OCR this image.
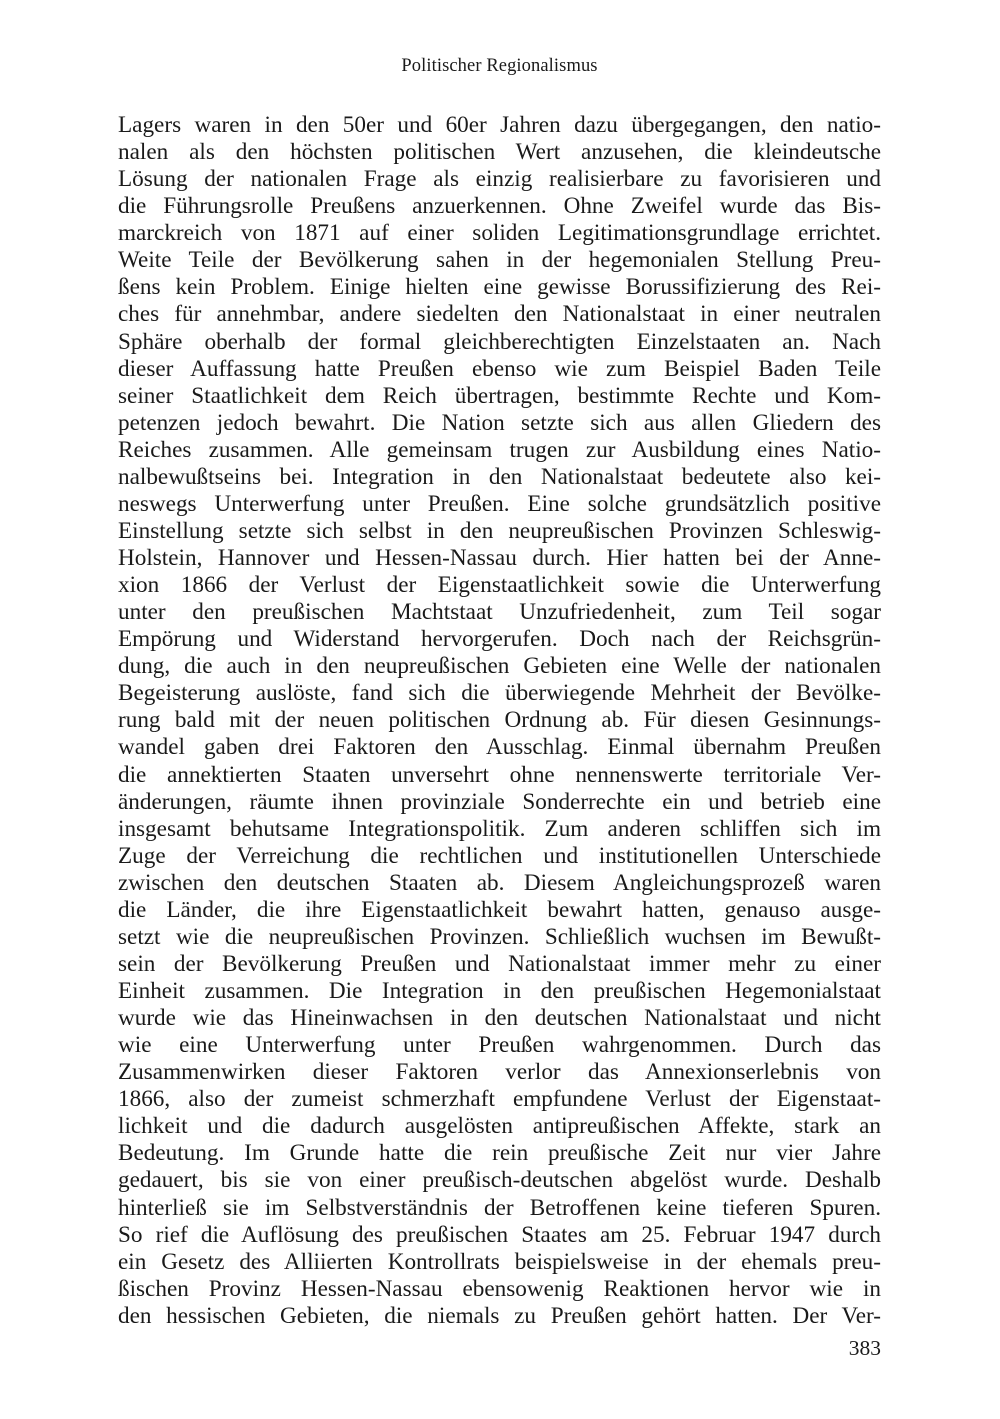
Politischer Regionalismus
Lagers waren in den 50er und 60er Jahren dazu übergegangen, den natio-
nalen als den höchsten politischen Wert anzusehen, die kleindeutsche
Lösung der nationalen Frage als einzig realisierbare zu favorisieren und
die Führungsrolle Preußens anzuerkennen. Ohne Zweifel wurde das Bis-
marckreich von 1871 auf einer soliden Legitimationsgrundlage errichtet.
Weite Teile der Bevölkerung sahen in der hegemonialen Stellung Preu-
ßens kein Problem. Einige hielten eine gewisse Borussifizierung des Rei-
ches für annehmbar, andere siedelten den Nationalstaat in einer neutralen
Sphäre oberhalb der formal gleichberechtigten Einzelstaaten an. Nach
dieser Auffassung hatte Preußen ebenso wie zum Beispiel Baden Teile
seiner Staatlichkeit dem Reich übertragen, bestimmte Rechte und Kom-
petenzen jedoch bewahrt. Die Nation setzte sich aus allen Gliedern des
Reiches zusammen. Alle gemeinsam trugen zur Ausbildung eines Natio-
nalbewußtseins bei. Integration in den Nationalstaat bedeutete also kei-
neswegs Unterwerfung unter Preußen. Eine solche grundsätzlich positive
Einstellung setzte sich selbst in den neupreußischen Provinzen Schleswig-
Holstein, Hannover und Hessen-Nassau durch. Hier hatten bei der Anne-
xion 1866 der Verlust der Eigenstaatlichkeit sowie die Unterwerfung
unter den preußischen Machtstaat Unzufriedenheit, zum Teil sogar
Empörung und Widerstand hervorgerufen. Doch nach der Reichsgrün-
dung, die auch in den neupreußischen Gebieten eine Welle der nationalen
Begeisterung auslöste, fand sich die überwiegende Mehrheit der Bevölke-
rung bald mit der neuen politischen Ordnung ab. Für diesen Gesinnungs-
wandel gaben drei Faktoren den Ausschlag. Einmal übernahm Preußen
die annektierten Staaten unversehrt ohne nennenswerte territoriale Ver-
änderungen, räumte ihnen provinziale Sonderrechte ein und betrieb eine
insgesamt behutsame Integrationspolitik. Zum anderen schliffen sich im
Zuge der Verreichung die rechtlichen und institutionellen Unterschiede
zwischen den deutschen Staaten ab. Diesem Angleichungsprozeß waren
die Länder, die ihre Eigenstaatlichkeit bewahrt hatten, genauso ausge-
setzt wie die neupreußischen Provinzen. Schließlich wuchsen im Bewußt-
sein der Bevölkerung Preußen und Nationalstaat immer mehr zu einer
Einheit zusammen. Die Integration in den preußischen Hegemonialstaat
wurde wie das Hineinwachsen in den deutschen Nationalstaat und nicht
wie eine Unterwerfung unter Preußen wahrgenommen. Durch das
Zusammenwirken dieser Faktoren verlor das Annexionserlebnis von
1866, also der zumeist schmerzhaft empfundene Verlust der Eigenstaat-
lichkeit und die dadurch ausgelösten antipreußischen Affekte, stark an
Bedeutung. Im Grunde hatte die rein preußische Zeit nur vier Jahre
gedauert, bis sie von einer preußisch-deutschen abgelöst wurde. Deshalb
hinterließ sie im Selbstverständnis der Betroffenen keine tieferen Spuren.
So rief die Auflösung des preußischen Staates am 25. Februar 1947 durch
ein Gesetz des Alliierten Kontrollrats beispielsweise in der ehemals preu-
ßischen Provinz Hessen-Nassau ebensowenig Reaktionen hervor wie in
den hessischen Gebieten, die niemals zu Preußen gehört hatten. Der Ver-
383
